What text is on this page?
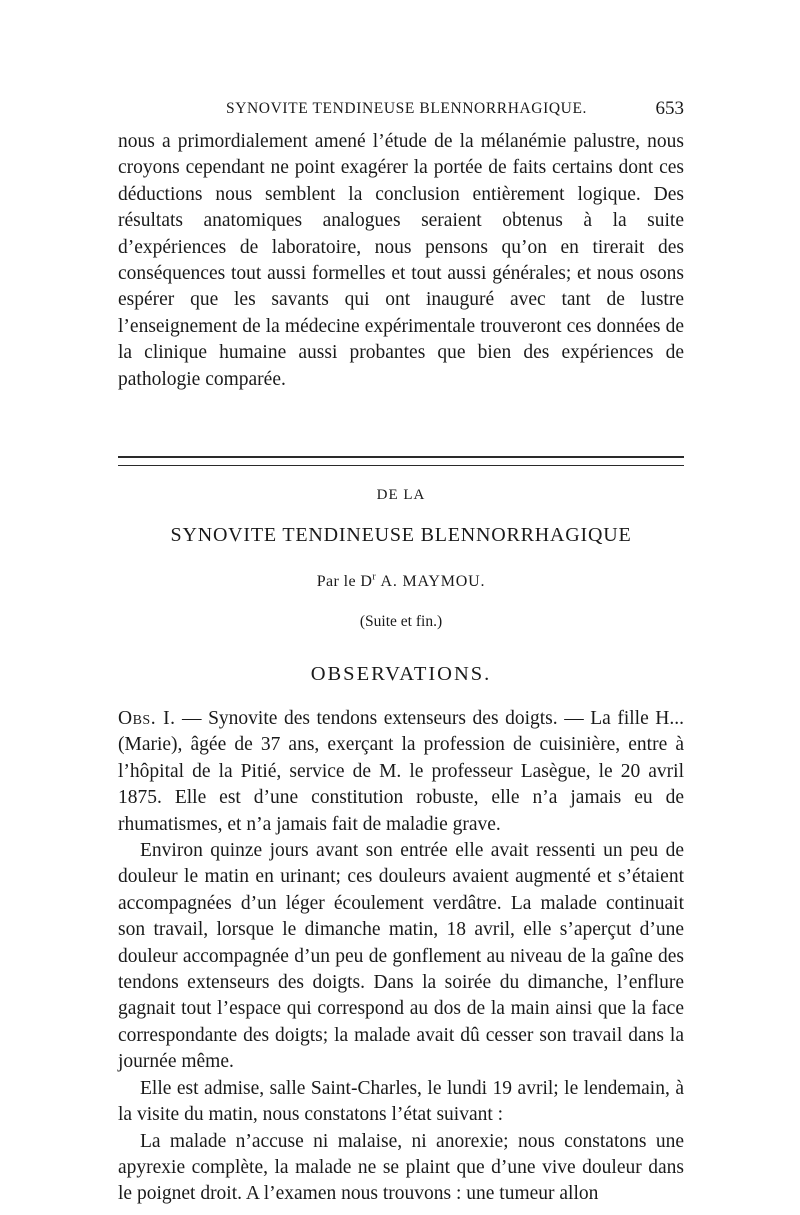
SYNOVITE TENDINEUSE BLENNORRHAGIQUE.	653

nous a primordialement amené l’étude de la mélanémie palustre, nous croyons cependant ne point exagérer la portée de faits certains dont ces déductions nous semblent la conclusion entièrement logique. Des résultats anatomiques analogues seraient obtenus à la suite d’expériences de laboratoire, nous pensons qu’on en tirerait des conséquences tout aussi formelles et tout aussi générales; et nous osons espérer que les savants qui ont inauguré avec tant de lustre l’enseignement de la médecine expérimentale trouveront ces données de la clinique humaine aussi probantes que bien des expériences de pathologie comparée.

DE LA
SYNOVITE TENDINEUSE BLENNORRHAGIQUE
Par le $D^r$ A. MAYMOU.
(Suite et fin.)
OBSERVATIONS.

Obs. I. — Synovite des tendons extenseurs des doigts. — La fille H... (Marie), âgée de 37 ans, exerçant la profession de cuisinière, entre à l’hôpital de la Pitié, service de M. le professeur Lasègue, le 20 avril 1875. Elle est d’une constitution robuste, elle n’a jamais eu de rhumatismes, et n’a jamais fait de maladie grave.

Environ quinze jours avant son entrée elle avait ressenti un peu de douleur le matin en urinant; ces douleurs avaient augmenté et s’étaient accompagnées d’un léger écoulement verdâtre. La malade continuait son travail, lorsque le dimanche matin, 18 avril, elle s’aperçut d’une douleur accompagnée d’un peu de gonflement au niveau de la gaîne des tendons extenseurs des doigts. Dans la soirée du dimanche, l’enflure gagnait tout l’espace qui correspond au dos de la main ainsi que la face correspondante des doigts; la malade avait dû cesser son travail dans la journée même.

Elle est admise, salle Saint-Charles, le lundi 19 avril; le lendemain, à la visite du matin, nous constatons l’état suivant :

La malade n’accuse ni malaise, ni anorexie; nous constatons une apyrexie complète, la malade ne se plaint que d’une vive douleur dans le poignet droit. A l’examen nous trouvons : une tumeur allon
